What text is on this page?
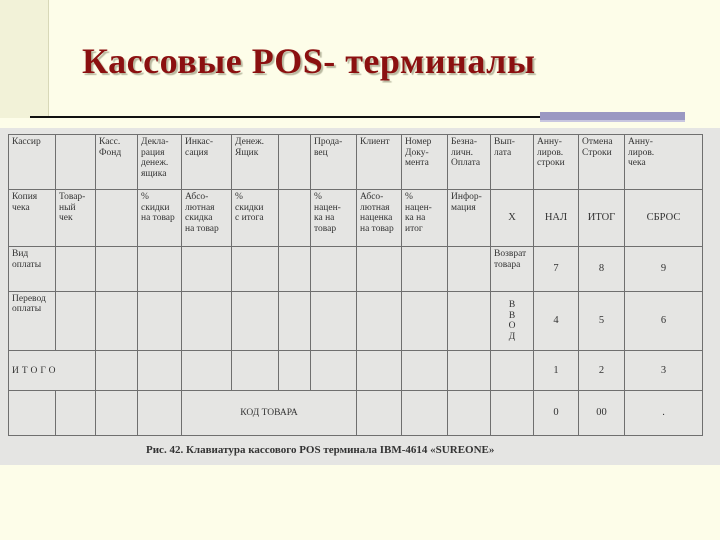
Кассовые POS- терминалы
Кассир		Касс.
Фонд	Декла-
рация
денеж.
ящика	Инкас-
сация	Денеж.
Ящик		Прода-
вец	Клиент	Номер
Доку-
мента	Безна-
личн.
Оплата	Вып-
лата	Анну-
лиров.
строки	Отмена
Строки	Анну-
лиров.
чека
Копия
чека	Товар-
ный
чек		%
скидки
на товар	Абсо-
лютная
скидка
на товар	%
скидки
с итога		%
нацен-
ка на
товар	Абсо-
лютная
наценка
на товар	%
нацен-
ка на
итог	Инфор-
мация	Х	НАЛ	ИТОГ	СБРОС
Вид
оплаты											Возврат
товара	7	8	9
Перевод
оплаты											В
В
О
Д	4	5	6
ИТОГО												1	2	3
				КОД ТОВАРА								0	00	.
Рис. 42. Клавиатура кассового POS терминала IBM-4614 «SUREONE»
